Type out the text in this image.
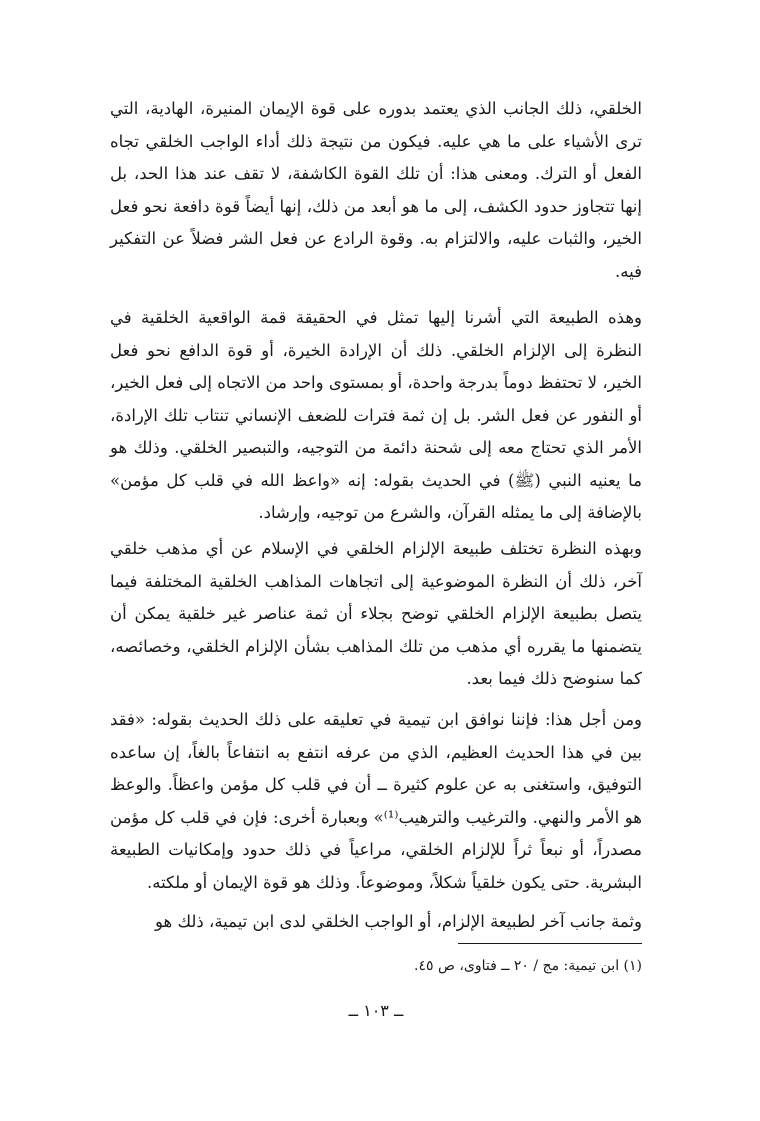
الخلقي، ذلك الجانب الذي يعتمد بدوره على قوة الإيمان المنيرة، الهادية، التي ترى الأشياء على ما هي عليه. فيكون من نتيجة ذلك أداء الواجب الخلقي تجاه الفعل أو الترك. ومعنى هذا: أن تلك القوة الكاشفة، لا تقف عند هذا الحد، بل إنها تتجاوز حدود الكشف، إلى ما هو أبعد من ذلك، إنها أيضاً قوة دافعة نحو فعل الخير، والثبات عليه، والالتزام به. وقوة الرادع عن فعل الشر فضلاً عن التفكير فيه.

وهذه الطبيعة التي أشرنا إليها تمثل في الحقيقة قمة الواقعية الخلقية في النظرة إلى الإلزام الخلقي. ذلك أن الإرادة الخيرة، أو قوة الدافع نحو فعل الخير، لا تحتفظ دوماً بدرجة واحدة، أو بمستوى واحد من الاتجاه إلى فعل الخير، أو النفور عن فعل الشر. بل إن ثمة فترات للضعف الإنساني تنتاب تلك الإرادة، الأمر الذي تحتاج معه إلى شحنة دائمة من التوجيه، والتبصير الخلقي. وذلك هو ما يعنيه النبي (ﷺ) في الحديث بقوله: إنه «واعظ الله في قلب كل مؤمن» بالإضافة إلى ما يمثله القرآن، والشرع من توجيه، وإرشاد.

وبهذه النظرة تختلف طبيعة الإلزام الخلقي في الإسلام عن أي مذهب خلقي آخر، ذلك أن النظرة الموضوعية إلى اتجاهات المذاهب الخلقية المختلفة فيما يتصل بطبيعة الإلزام الخلقي توضح بجلاء أن ثمة عناصر غير خلقية يمكن أن يتضمنها ما يقرره أي مذهب من تلك المذاهب بشأن الإلزام الخلقي، وخصائصه، كما سنوضح ذلك فيما بعد.

ومن أجل هذا: فإننا نوافق ابن تيمية في تعليقه على ذلك الحديث بقوله: «فقد بين في هذا الحديث العظيم، الذي من عرفه انتفع به انتفاعاً بالغاً، إن ساعده التوفيق، واستغنى به عن علوم كثيرة ــ أن في قلب كل مؤمن واعظاً. والوعظ هو الأمر والنهي. والترغيب والترهيب⁽¹⁾» وبعبارة أخرى: فإن في قلب كل مؤمن مصدراً، أو نبعاً ثراً للإلزام الخلقي، مراعياً في ذلك حدود وإمكانيات الطبيعة البشرية. حتى يكون خلقياً شكلاً، وموضوعاً. وذلك هو قوة الإيمان أو ملكته.

وثمة جانب آخر لطبيعة الإلزام، أو الواجب الخلقي لدى ابن تيمية، ذلك هو

(١) ابن تيمية: مج / ٢٠ ــ فتاوى، ص ٤٥.

ــ ١٠٣ ــ
